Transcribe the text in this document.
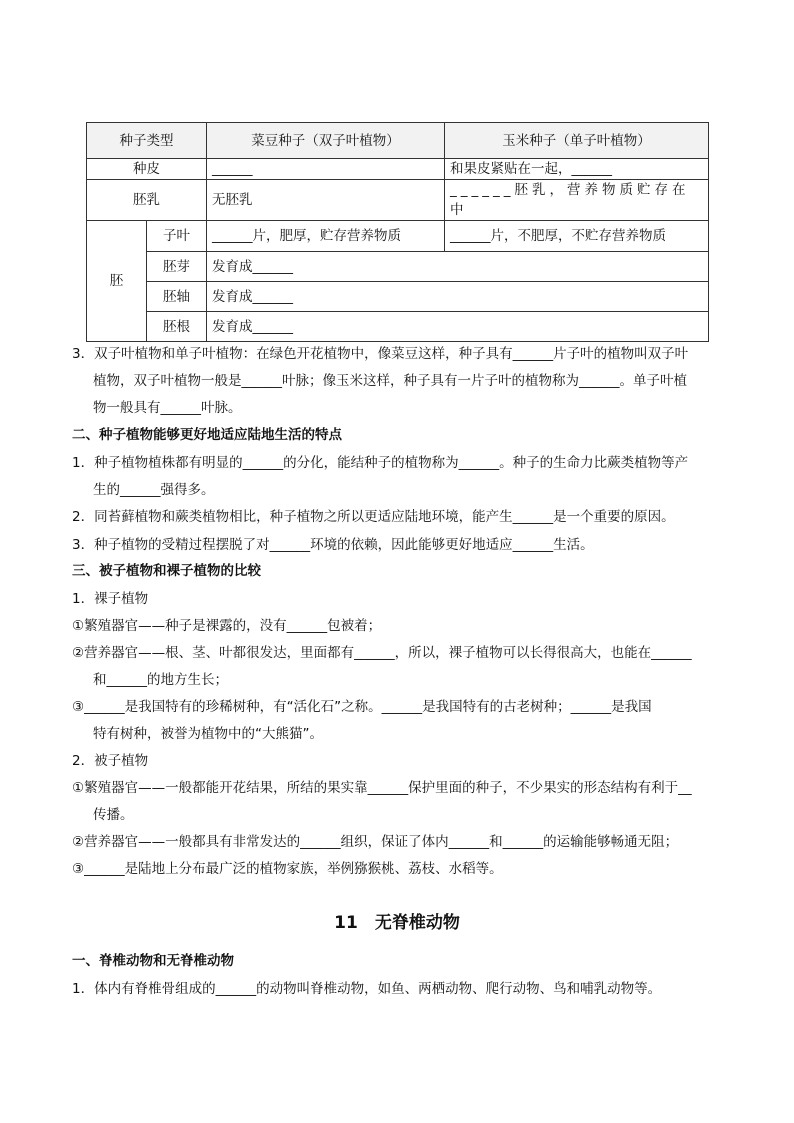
种子类型		菜豆种子（双子叶植物）	玉米种子（单子叶植物）
种皮		______	和果皮紧贴在一起，______
胚乳		无胚乳	______胚乳，营养物质贮存在
中

胚	子叶	______片，肥厚，贮存营养物质	______片，不肥厚，不贮存营养物质
	胚芽	发育成______	
	胚轴	发育成______	
	胚根	发育成______	
3．双子叶植物和单子叶植物：在绿色开花植物中，像菜豆这样，种子具有______片子叶的植物叫双子叶
植物，双子叶植物一般是______叶脉；像玉米这样，种子具有一片子叶的植物称为______。单子叶植
物一般具有______叶脉。
二、种子植物能够更好地适应陆地生活的特点
1．种子植物植株都有明显的______的分化，能结种子的植物称为______。种子的生命力比蕨类植物等产
生的______强得多。
2．同苔藓植物和蕨类植物相比，种子植物之所以更适应陆地环境，能产生______是一个重要的原因。
3．种子植物的受精过程摆脱了对______环境的依赖，因此能够更好地适应______生活。
三、被子植物和裸子植物的比较
1．裸子植物
①繁殖器官——种子是裸露的，没有______包被着；
②营养器官——根、茎、叶都很发达，里面都有______，所以，裸子植物可以长得很高大，也能在______
和______的地方生长；
③______是我国特有的珍稀树种，有“活化石”之称。______是我国特有的古老树种；______是我国
特有树种，被誉为植物中的“大熊猫”。
2．被子植物
①繁殖器官——一般都能开花结果，所结的果实靠______保护里面的种子，不少果实的形态结构有利于__
传播。
②营养器官——一般都具有非常发达的______组织，保证了体内______和______的运输能够畅通无阻；
③______是陆地上分布最广泛的植物家族，举例猕猴桃、荔枝、水稻等。
11　无脊椎动物
一、脊椎动物和无脊椎动物
1．体内有脊椎骨组成的______的动物叫脊椎动物，如鱼、两栖动物、爬行动物、鸟和哺乳动物等。
